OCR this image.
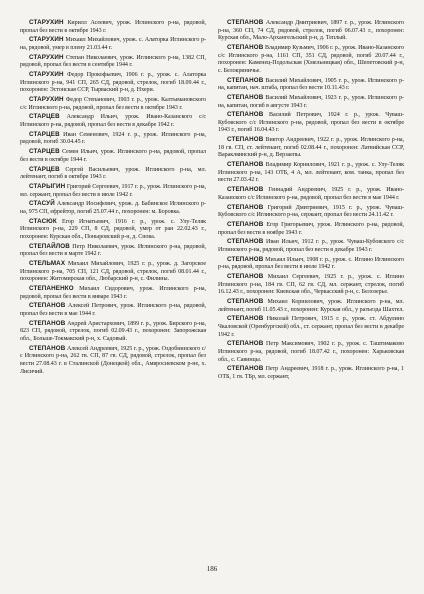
СТАРУХИН Кирилл Асеевич, урож. Иглинского р-на, рядовой, пропал без вести в октябре 1943 г.

СТАРУХИН Михаил Михайлович, урож. с. Алаторка Иглинского р-на, рядовой, умер в плену 21.03.44 г.

СТАРУХИН Степан Николаевич, урож. Иглинского р-на, 1382 СП, рядовой, пропал без вести в сентябре 1944 г.

СТАРУХИН Федор Прокофьевич, 1906 г. р., урож. с. Алаторка Иглинского р-на, 941 СП, 265 СД, рядовой, стрелок, погиб 18.09.44 г., похоронен: Эстонская ССР, Тырваский р-н, д. Нхери.

СТАРУХИН Федор Степанович, 1903 г. р., урож. Калтымановского с/с Иглинского р-на, рядовой, пропал без вести в октябре 1943 г.

СТАРЦЕВ Александр Ильич, урож. Ивано-Казанского с/с Иглинского р-на, рядовой, пропал без вести в декабре 1942 г.

СТАРЦЕВ Иван Семенович, 1924 г. р., урож. Иглинского р-на, рядовой, погиб 30.04.45 г.

СТАРЦЕВ Семен Ильич, урож. Иглинского р-на, рядовой, пропал без вести в октябре 1944 г.

СТАРЦЕВ Сергей Васильевич, урож. Иглинского р-на, мл. лейтенант, погиб в октябре 1943 г.

СТАРЫГИН Григорий Сергеевич, 1917 г. р., урож. Иглинского р-на, мл. сержант, пропал без вести в июле 1942 г.

СТАСУЙ Александр Иосифович, урож. д. Бабинское Иглинского р-на, 975 СП, ефрейтор, погиб 25.07.44 г., похоронен: м. Боровка.

СТАСЮК Егор Игнатьевич, 1916 г. р., урож. с. Улу-Теляк Иглинского р-на, 229 СП, 8 СД, рядовой, умер от ран 22.02.43 г., похоронен: Курская обл., Поныровский р-н, д. Снова.

СТЕПАЙЛОВ Петр Николаевич, урож. Иглинского р-на, рядовой, пропал без вести в марте 1942 г.

СТЕЛЬМАХ Михаил Михайлович, 1925 г. р., урож. д. Загорское Иглинского р-на, 705 СП, 121 СД, рядовой, стрелок, погиб 08.01.44 г., похоронен: Житомирская обл., Любарский р-н, с. Филины.

СТЕПАНЕНКО Михаил Сидорович, урож. Иглинского р-на, рядовой, пропал без вести в январе 1943 г.

СТЕПАНОВ Алексей Петрович, урож. Иглинского р-на, рядовой, пропал без вести в мае 1944 г.

СТЕПАНОВ Андрей Аристархович, 1899 г. р., урож. Бирского р-на, 823 СП, рядовой, стрелок, погиб 02.09.43 г., похоронен: Запорожская обл., Больше-Токмакский р-н, х. Садовый.

СТЕПАНОВ Алексей Андреевич, 1925 г. р., урож. Оздобнинского с/с Иглинского р-на, 262 гв. СП, 87 гв. СД, рядовой, стрелок, пропал без вести 27.08.43 г. в Сталинской (Донецкой) обл., Амвросиевском р-не, х. Лисичий.

СТЕПАНОВ Александр Дмитриевич, 1897 г. р., урож. Иглинского р-на, 360 СП, 74 СД, рядовой, стрелок, погиб 06.07.43 г., похоронен: Курская обл., Мало-Архангельский р-н, д. Теплый.

СТЕПАНОВ Владимир Кузьмич, 1906 г. р., урож. Ивано-Казанского с/с Иглинского р-на, 1161 СП, 351 СД, рядовой, погиб 20.07.44 г., похоронен: Каменец-Подольская (Хмельницкая) обл., Шепетовский р-н, с. Белокриничье.

СТЕПАНОВ Василий Михайлович, 1905 г. р., урож. Иглинского р-на, капитан, нач. штаба, пропал без вести 10.11.43 г.

СТЕПАНОВ Василий Михайлович, 1923 г. р., урож. Иглинского р-на, капитан, погиб в августе 1943 г.

СТЕПАНОВ Василий Петрович, 1924 г. р., урож. Чуваш-Кубовского с/с Иглинского р-на, рядовой, пропал без вести в октябре 1943 г., погиб 16.04.43 г.

СТЕПАНОВ Виктор Андреевич, 1922 г. р., урож. Иглинского р-на, 18 гв. СП, ст. лейтенант, погиб 02.08.44 г., похоронен: Латвийская ССР, Варакляинский р-н, д. Верзаепы.

СТЕПАНОВ Владимир Корнилович, 1921 г. р., урож. с. Улу-Теляк Иглинского р-на, 143 ОТБ, 4 А, мл. лейтенант, ком. танка, пропал без вести 27.03.42 г.

СТЕПАНОВ Геннадий Андреевич, 1925 г. р., урож. Ивано-Казанского с/с Иглинского р-на, рядовой, пропал без вести в мае 1944 г.

СТЕПАНОВ Григорий Дмитриевич, 1915 г. р., урож. Чуваш-Кубовского с/с Иглинского р-на, сержант, пропал без вести 24.11.42 г.

СТЕПАНОВ Егор Григорьевич, урож. Иглинского р-на, рядовой, пропал без вести в ноябре 1943 г.

СТЕПАНОВ Иван Ильич, 1912 г. р., урож. Чуваш-Кубовского с/с Иглинского р-на, рядовой, пропал без вести в декабре 1943 г.

СТЕПАНОВ Михаил Ильич, 1908 г. р., урож. с. Иглино Иглинского р-на, рядовой, пропал без вести в июле 1942 г.

СТЕПАНОВ Михаил Сергеевич, 1925 г. р., урож. с. Иглино Иглинского р-на, 184 гв. СП, 62 гв. СД, мл. сержант, стрелок, погиб 16.12.43 г., похоронен: Киевская обл., Черкасский р-н, с. Белозерье.

СТЕПАНОВ Михаил Корнилович, урож. Иглинского р-на, мл. лейтенант, погиб 11.05.43 г., похоронен: Курская обл., у разъезда Шахтел.

СТЕПАНОВ Николай Петрович, 1915 г. р., урож. ст. Абдулино Чкаловской (Оренбургской) обл., ст. сержант, пропал без вести в декабре 1942 г.

СТЕПАНОВ Петр Максимович, 1902 г. р., урож. с. Таштимаково Иглинского р-на, рядовой, погиб 18.07.42 г., похоронен: Харьковская обл., с. Савинцы.

СТЕПАНОВ Петр Андреевич, 1918 г. р., урож. Иглинского р-на, 1 ОТБ, 1 гв. ТБр, мл. сержант,

186
